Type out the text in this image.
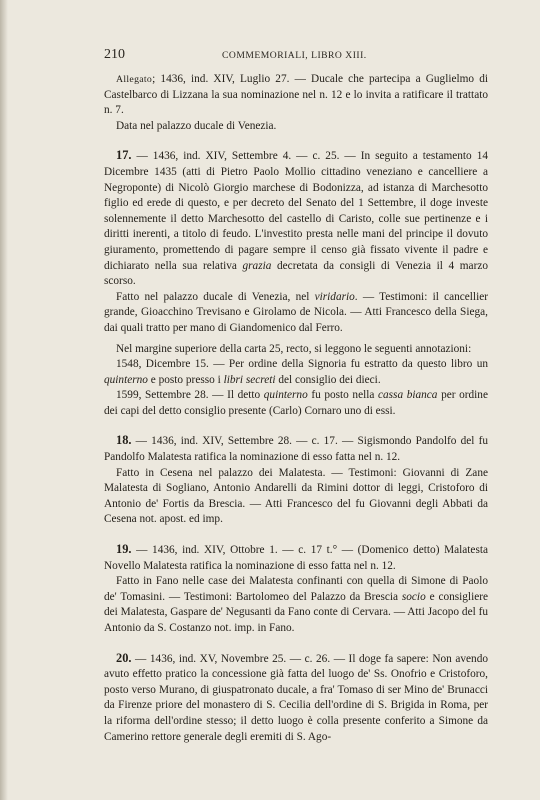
210	COMMEMORIALI, LIBRO XIII.

Allegato; 1436, ind. XIV, Luglio 27. — Ducale che partecipa a Guglielmo di Castelbarco di Lizzana la sua nominazione nel n. 12 e lo invita a ratificare il trattato n. 7.

Data nel palazzo ducale di Venezia.

17. — 1436, ind. XIV, Settembre 4. — c. 25. — In seguito a testamento 14 Dicembre 1435 (atti di Pietro Paolo Mollio cittadino veneziano e cancelliere a Negroponte) di Nicolò Giorgio marchese di Bodonizza, ad istanza di Marchesotto figlio ed erede di questo, e per decreto del Senato del 1 Settembre, il doge investe solennemente il detto Marchesotto del castello di Caristo, colle sue pertinenze e i diritti inerenti, a titolo di feudo. L'investito presta nelle mani del principe il dovuto giuramento, promettendo di pagare sempre il censo già fissato vivente il padre e dichiarato nella sua relativa grazia decretata da consigli di Venezia il 4 marzo scorso.

Fatto nel palazzo ducale di Venezia, nel viridario. — Testimoni: il cancellier grande, Gioacchino Trevisano e Girolamo de Nicola. — Atti Francesco della Siega, dai quali tratto per mano di Giandomenico dal Ferro.

Nel margine superiore della carta 25, recto, si leggono le seguenti annotazioni:

1548, Dicembre 15. — Per ordine della Signoria fu estratto da questo libro un quinterno e posto presso i libri secreti del consiglio dei dieci.

1599, Settembre 28. — Il detto quinterno fu posto nella cassa bianca per ordine dei capi del detto consiglio presente (Carlo) Cornaro uno di essi.

18. — 1436, ind. XIV, Settembre 28. — c. 17. — Sigismondo Pandolfo del fu Pandolfo Malatesta ratifica la nominazione di esso fatta nel n. 12.

Fatto in Cesena nel palazzo dei Malatesta. — Testimoni: Giovanni di Zane Malatesta di Sogliano, Antonio Andarelli da Rimini dottor di leggi, Cristoforo di Antonio de' Fortis da Brescia. — Atti Francesco del fu Giovanni degli Abbati da Cesena not. apost. ed imp.

19. — 1436, ind. XIV, Ottobre 1. — c. 17 t.° — (Domenico detto) Malatesta Novello Malatesta ratifica la nominazione di esso fatta nel n. 12.

Fatto in Fano nelle case dei Malatesta confinanti con quella di Simone di Paolo de' Tomasini. — Testimoni: Bartolomeo del Palazzo da Brescia socio e consigliere dei Malatesta, Gaspare de' Negusanti da Fano conte di Cervara. — Atti Jacopo del fu Antonio da S. Costanzo not. imp. in Fano.

20. — 1436, ind. XV, Novembre 25. — c. 26. — Il doge fa sapere: Non avendo avuto effetto pratico la concessione già fatta del luogo de' Ss. Onofrio e Cristoforo, posto verso Murano, di giuspatronato ducale, a fra' Tomaso di ser Mino de' Brunacci da Firenze priore del monastero di S. Cecilia dell'ordine di S. Brigida in Roma, per la riforma dell'ordine stesso; il detto luogo è colla presente conferito a Simone da Camerino rettore generale degli eremiti di S. Ago-
